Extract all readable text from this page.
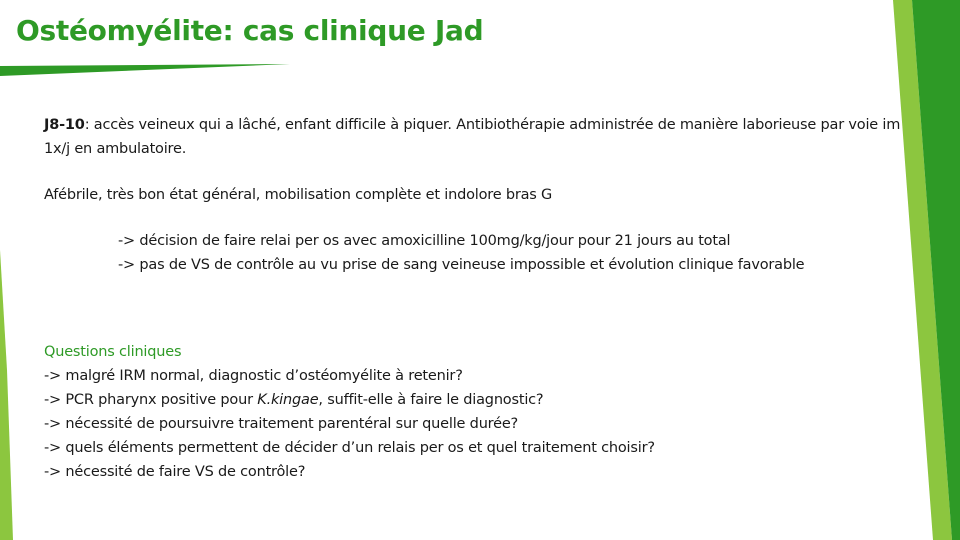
Ostéomyélite: cas clinique Jad

J8-10: accès veineux qui a lâché, enfant difficile à piquer. Antibiothérapie administrée de manière laborieuse par voie im 1x/j en ambulatoire.

Afébrile, très bon état général, mobilisation complète et indolore bras G

-> décision de faire relai per os avec amoxicilline 100mg/kg/jour pour 21 jours au total
-> pas de VS de contrôle au vu prise de sang veineuse impossible et évolution clinique favorable

Questions cliniques

-> malgré IRM normal, diagnostic d’ostéomyélite à retenir?
-> PCR pharynx positive pour K.kingae, suffit-elle à faire le diagnostic?
-> nécessité de poursuivre traitement parentéral sur quelle durée?
-> quels éléments permettent de décider d’un relais per os et quel traitement choisir?
-> nécessité de faire VS de contrôle?
